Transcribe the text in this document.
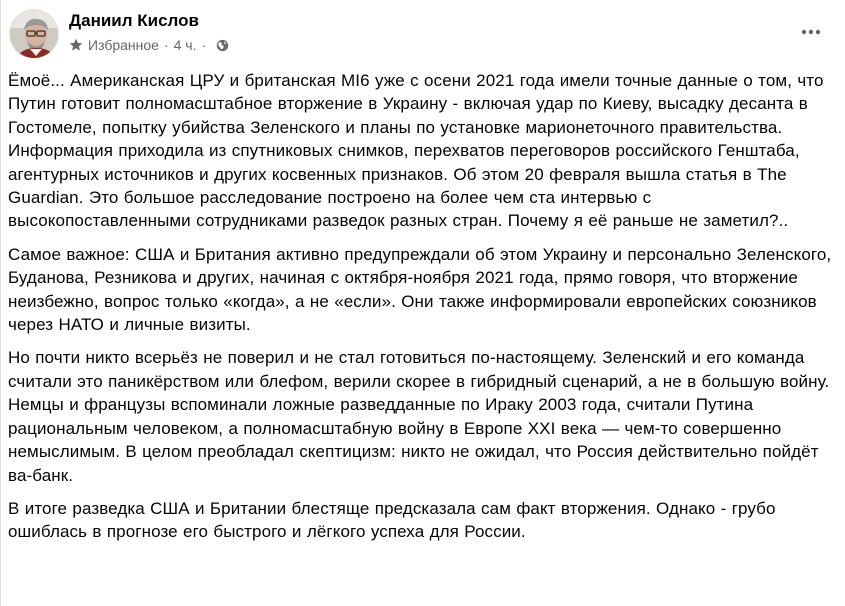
Даниил Кислов
Избранное · 4 ч. ·

Ёмоё... Американская ЦРУ и британская MI6 уже с осени 2021 года имели точные данные о том, что Путин готовит полномасштабное вторжение в Украину - включая удар по Киеву, высадку десанта в Гостомеле, попытку убийства Зеленского и планы по установке марионеточного правительства. Информация приходила из спутниковых снимков, перехватов переговоров российского Генштаба, агентурных источников и других косвенных признаков. Об этом 20 февраля вышла статья в The Guardian. Это большое расследование построено на более чем ста интервью с высокопоставленными сотрудниками разведок разных стран. Почему я её раньше не заметил?..

Самое важное: США и Британия активно предупреждали об этом Украину и персонально Зеленского, Буданова, Резникова и других, начиная с октября-ноября 2021 года, прямо говоря, что вторжение неизбежно, вопрос только «когда», а не «если». Они также информировали европейских союзников через НАТО и личные визиты.

Но почти никто всерьёз не поверил и не стал готовиться по-настоящему. Зеленский и его команда считали это паникёрством или блефом, верили скорее в гибридный сценарий, а не в большую войну. Немцы и французы вспоминали ложные разведданные по Ираку 2003 года, считали Путина рациональным человеком, а полномасштабную войну в Европе XXI века — чем-то совершенно немыслимым. В целом преобладал скептицизм: никто не ожидал, что Россия действительно пойдёт ва-банк.

В итоге разведка США и Британии блестяще предсказала сам факт вторжения. Однако - грубо ошиблась в прогнозе его быстрого и лёгкого успеха для России.
